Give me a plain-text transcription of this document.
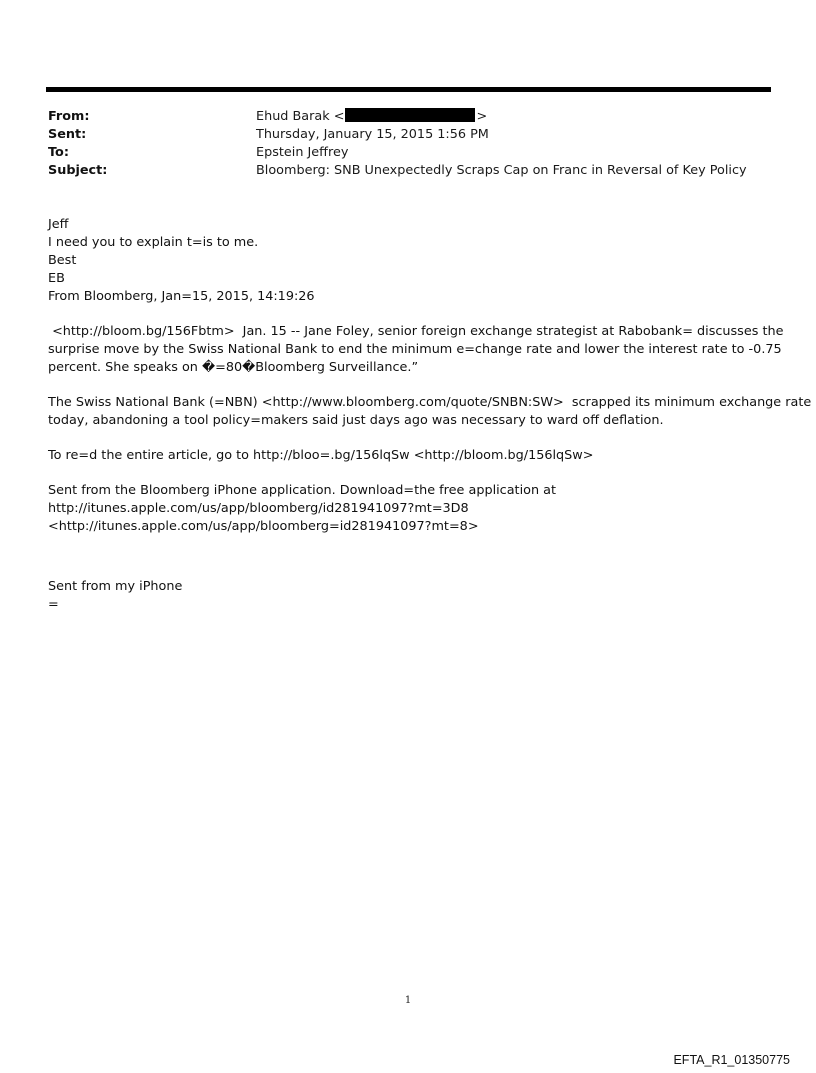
From:	Ehud Barak <	>
Sent:	Thursday, January 15, 2015 1:56 PM
To:	Epstein Jeffrey
Subject:	Bloomberg: SNB Unexpectedly Scraps Cap on Franc in Reversal of Key Policy
Jeff
I need you to explain t=is to me.
Best
EB
From Bloomberg, Jan=15, 2015, 14:19:26
<http://bloom.bg/156Fbtm>  Jan. 15 -- Jane Foley, senior foreign exchange strategist at Rabobank= discusses the
surprise move by the Swiss National Bank to end the minimum e=change rate and lower the interest rate to -0.75
percent. She speaks on �=80�Bloomberg Surveillance.”
The Swiss National Bank (=NBN) <http://www.bloomberg.com/quote/SNBN:SW>  scrapped its minimum exchange rate
today, abandoning a tool policy=makers said just days ago was necessary to ward off deflation.
To re=d the entire article, go to http://bloo=.bg/156lqSw <http://bloom.bg/156lqSw>
Sent from the Bloomberg iPhone application. Download=the free application at
http://itunes.apple.com/us/app/bloomberg/id281941097?mt=3D8
<http://itunes.apple.com/us/app/bloomberg=id281941097?mt=8>
Sent from my iPhone
=
1
EFTA_R1_01350775
